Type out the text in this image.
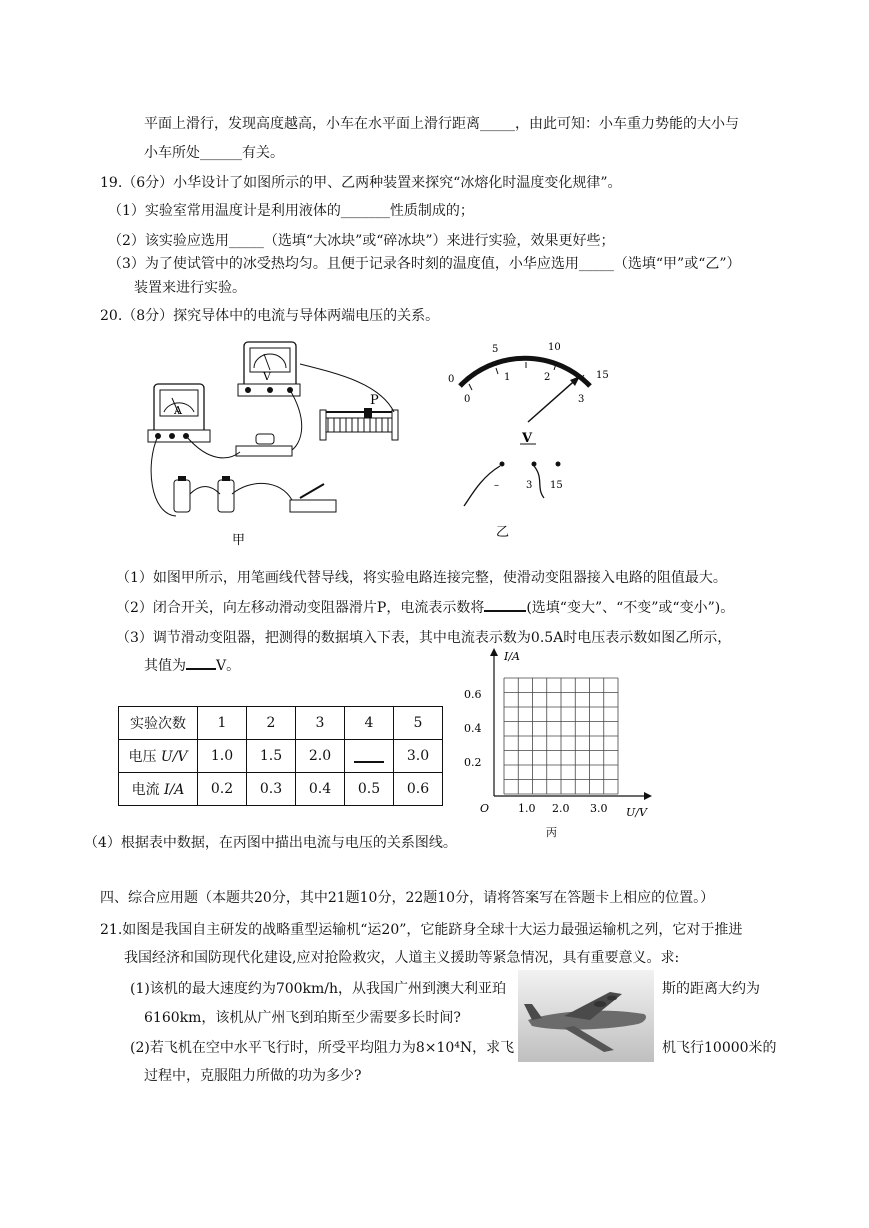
平面上滑行，发现高度越高，小车在水平面上滑行距离_____，由此可知：小车重力势能的大小与
小车所处______有关。
19.（6分）小华设计了如图所示的甲、乙两种装置来探究“冰熔化时温度变化规律”。
（1）实验室常用温度计是利用液体的_______性质制成的；
（2）该实验应选用_____（选填“大冰块”或“碎冰块”）来进行实验，效果更好些；
（3）为了使试管中的冰受热均匀。且便于记录各时刻的温度值，小华应选用_____（选填“甲”或“乙”）
装置来进行实验。
20.（8分）探究导体中的电流与导体两端电压的关系。
A
V
P
甲
0
5	10
15
0
1	2
3
V
–	3 15
乙
（1）如图甲所示，用笔画线代替导线，将实验电路连接完整，使滑动变阻器接入电路的阻值最大。
（2）闭合开关，向左移动滑动变阻器滑片P，电流表示数将	(选填“变大”、“不变”或“变小”)。
（3）调节滑动变阻器，把测得的数据填入下表，其中电流表示数为0.5A时电压表示数如图乙所示，
其值为 V。
实验次数	1	2	3	4	5
电压 U/V	1.0	1.5	2.0		3.0
电流 I/A	0.2	0.3	0.4	0.5	0.6
I/A
U/V
O
0.2
0.4
0.6
1.0 2.0 3.0
丙
（4）根据表中数据，在丙图中描出电流与电压的关系图线。
四、综合应用题（本题共20分，其中21题10分，22题10分，请将答案写在答题卡上相应的位置。）
21.如图是我国自主研发的战略重型运输机“运20”，它能跻身全球十大运力最强运输机之列，它对于推进
我国经济和国防现代化建设,应对抢险救灾，人道主义援助等紧急情况，具有重要意义。求:
(1)该机的最大速度约为700km/h，从我国广州到澳大利亚珀	斯的距离大约为
6160km，该机从广州飞到珀斯至少需要多长时间?
(2)若飞机在空中水平飞行时，所受平均阻力为8×10⁴N，求飞	机飞行10000米的
过程中，克服阻力所做的功为多少?
